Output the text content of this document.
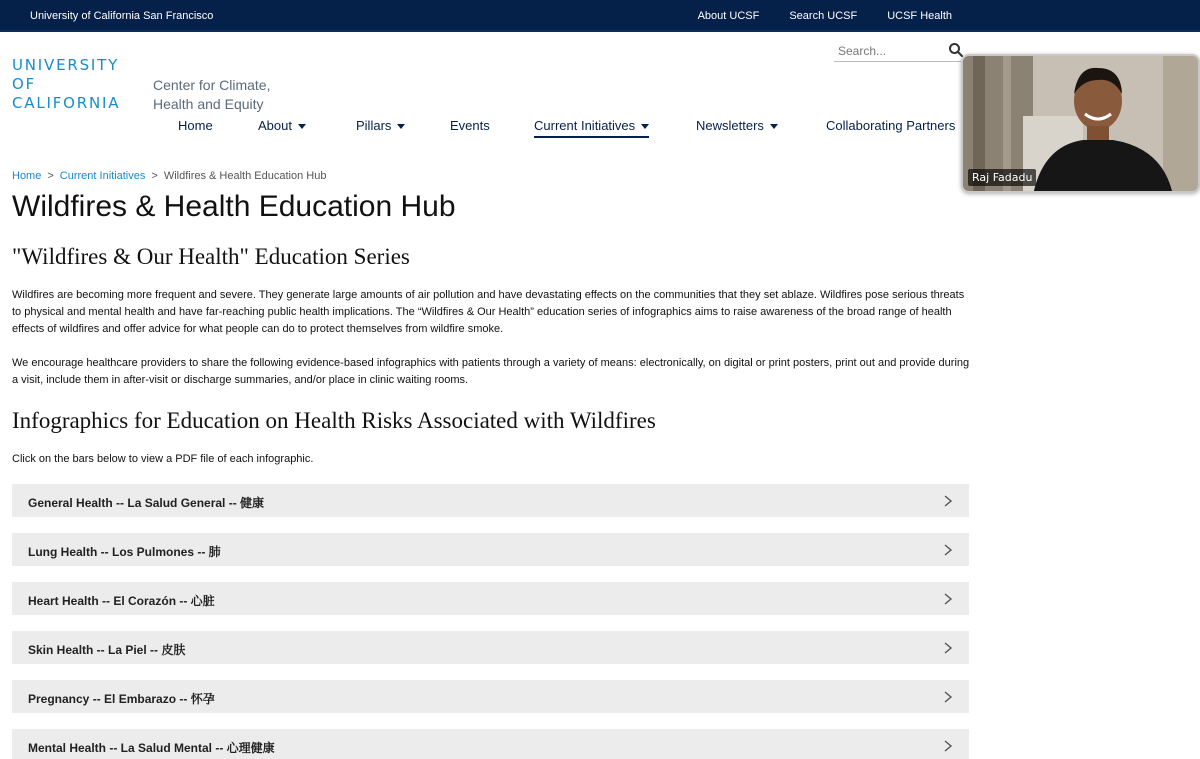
University of California San Francisco	About UCSF	Search UCSF	UCSF Health
UNIVERSITY
OF
CALIFORNIA
Center for Climate,
Health and Equity
Search...
Home	About	Pillars	Events	Current Initiatives	Newsletters	Collaborating Partners
Home > Current Initiatives > Wildfires & Health Education Hub
Wildfires & Health Education Hub
"Wildfires & Our Health" Education Series

Wildfires are becoming more frequent and severe. They generate large amounts of air pollution and have devastating effects on the communities that they set ablaze. Wildfires pose serious threats to physical and mental health and have far-reaching public health implications. The “Wildfires & Our Health” education series of infographics aims to raise awareness of the broad range of health effects of wildfires and offer advice for what people can do to protect themselves from wildfire smoke.

We encourage healthcare providers to share the following evidence-based infographics with patients through a variety of means: electronically, on digital or print posters, print out and provide during a visit, include them in after-visit or discharge summaries, and/or place in clinic waiting rooms.

Infographics for Education on Health Risks Associated with Wildfires

Click on the bars below to view a PDF file of each infographic.

General Health -- La Salud General -- 健康
Lung Health -- Los Pulmones -- 肺
Heart Health -- El Corazón -- 心脏
Skin Health -- La Piel -- 皮肤
Pregnancy -- El Embarazo -- 怀孕
Mental Health -- La Salud Mental -- 心理健康
Raj Fadadu
